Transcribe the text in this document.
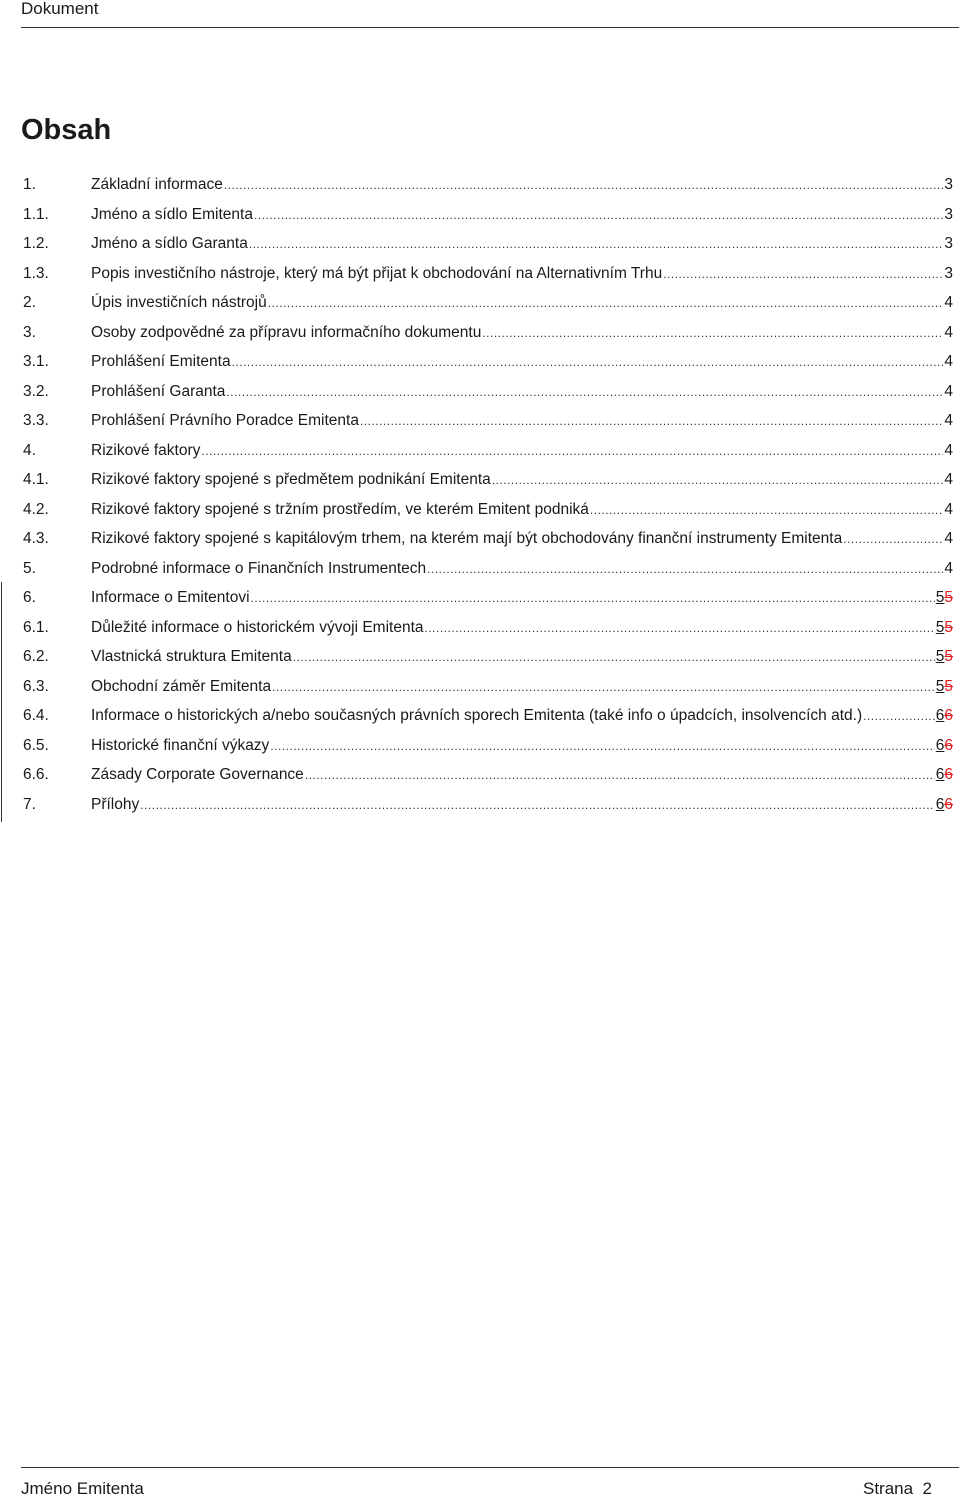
Dokument
Obsah
1.	Základní informace .....	3
1.1.	Jméno a sídlo Emitenta .....	3
1.2.	Jméno a sídlo Garanta .....	3
1.3.	Popis investičního nástroje, který má být přijat k obchodování na Alternativním Trhu .....	3
2.	Úpis investičních nástrojů .....	4
3.	Osoby zodpovědné za přípravu informačního dokumentu .....	4
3.1.	Prohlášení Emitenta .....	4
3.2.	Prohlášení Garanta .....	4
3.3.	Prohlášení Právního Poradce Emitenta .....	4
4.	Rizikové faktory .....	4
4.1.	Rizikové faktory spojené s předmětem podnikání Emitenta .....	4
4.2.	Rizikové faktory spojené s tržním prostředím, ve kterém Emitent podniká .....	4
4.3.	Rizikové faktory spojené s kapitálovým trhem, na kterém mají být obchodovány finanční instrumenty Emitenta .....	4
5.	Podrobné informace o Finančních Instrumentech .....	4
6.	Informace o Emitentovi .....	55
6.1.	Důležité informace o historickém vývoji Emitenta .....	55
6.2.	Vlastnická struktura Emitenta .....	55
6.3.	Obchodní záměr Emitenta .....	55
6.4.	Informace o historických a/nebo současných právních sporech Emitenta (také info o úpadcích, insolvencích atd.) .....	66
6.5.	Historické finanční výkazy .....	66
6.6.	Zásady Corporate Governance .....	66
7.	Přílohy .....	66
Jméno Emitenta	Strana  2
